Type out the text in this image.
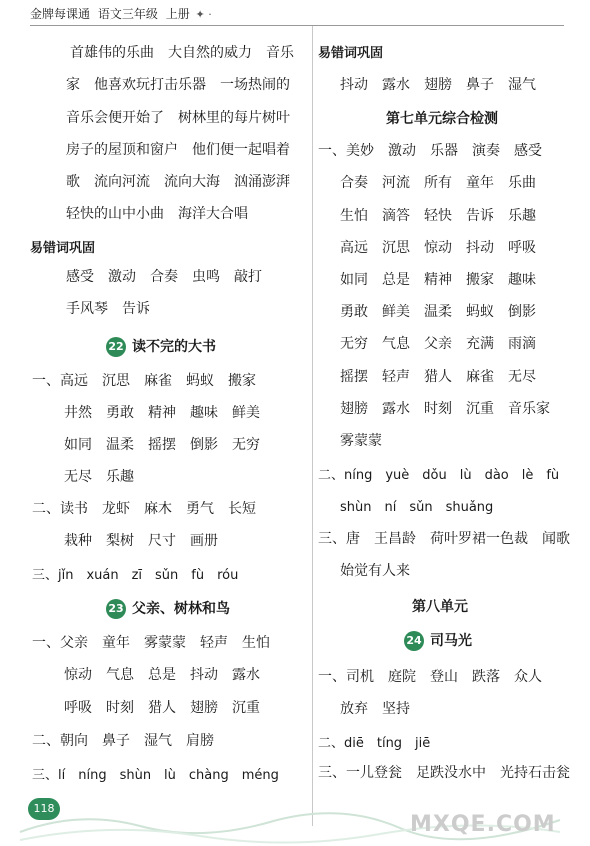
金牌每课通 语文三年级 上册 ✦ ·
首雄伟的乐曲　大自然的威力　音乐
家　他喜欢玩打击乐器　一场热闹的
音乐会便开始了　树林里的每片树叶
房子的屋顶和窗户　他们便一起唱着
歌　流向河流　流向大海　汹涌澎湃
轻快的山中小曲　海洋大合唱
易错词巩固
感受　激动　合奏　虫鸣　敲打
手风琴　告诉
22 读不完的大书
一、高远　沉思　麻雀　蚂蚁　搬家
井然　勇敢　精神　趣味　鲜美
如同　温柔　摇摆　倒影　无穷
无尽　乐趣
二、读书　龙虾　麻木　勇气　长短
栽种　梨树　尺寸　画册
三、jǐn　xuán　zī　sǔn　fù　róu
23 父亲、树林和鸟
一、父亲　童年　雾蒙蒙　轻声　生怕
惊动　气息　总是　抖动　露水
呼吸　时刻　猎人　翅膀　沉重
二、朝向　鼻子　湿气　肩膀
三、lí　níng　shùn　lù　chàng　méng
易错词巩固
抖动　露水　翅膀　鼻子　湿气
第七单元综合检测
一、美妙　激动　乐器　演奏　感受
合奏　河流　所有　童年　乐曲
生怕　滴答　轻快　告诉　乐趣
高远　沉思　惊动　抖动　呼吸
如同　总是　精神　搬家　趣味
勇敢　鲜美　温柔　蚂蚁　倒影
无穷　气息　父亲　充满　雨滴
摇摆　轻声　猎人　麻雀　无尽
翅膀　露水　时刻　沉重　音乐家
雾蒙蒙
二、níng　yuè　dǒu　lù　dào　lè　fù
shùn　ní　sǔn　shuǎng
三、唐　王昌龄　荷叶罗裙一色裁　闻歌
始觉有人来
第八单元
24 司马光
一、司机　庭院　登山　跌落　众人
放弃　坚持
二、diē　tíng　jiē
三、一儿登瓮　足跌没水中　光持石击瓮
118
MXQE.COM
